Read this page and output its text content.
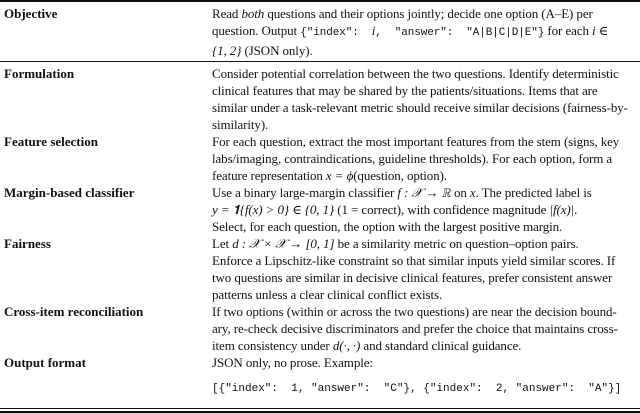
Objective	Read both questions and their options jointly; decide one option (A–E) per
question. Output {"index":  i,  "answer":  "A|B|C|D|E"} for each i ∈
{1, 2} (JSON only).
Formulation	Consider potential correlation between the two questions. Identify deterministic
clinical features that may be shared by the patients/situations. Items that are
similar under a task-relevant metric should receive similar decisions (fairness-by-
similarity).
Feature selection	For each question, extract the most important features from the stem (signs, key
labs/imaging, contraindications, guideline thresholds). For each option, form a
feature representation x = ϕ(question, option).
Margin-based classifier	Use a binary large-margin classifier f : 𝒳 → ℝ on x. The predicted label is
y = 𝟏{f(x) > 0} ∈ {0, 1} (1 = correct), with confidence magnitude |f(x)|.
Select, for each question, the option with the largest positive margin.
Fairness	Let d : 𝒳 × 𝒳 → [0, 1] be a similarity metric on question–option pairs.
Enforce a Lipschitz-like constraint so that similar inputs yield similar scores. If
two questions are similar in decisive clinical features, prefer consistent answer
patterns unless a clear clinical conflict exists.
Cross-item reconciliation	If two options (within or across the two questions) are near the decision bound-
ary, re-check decisive discriminators and prefer the choice that maintains cross-
item consistency under d(·, ·) and standard clinical guidance.
Output format	JSON only, no prose. Example:
[{"index":  1, "answer":  "C"}, {"index":  2, "answer":  "A"}]
